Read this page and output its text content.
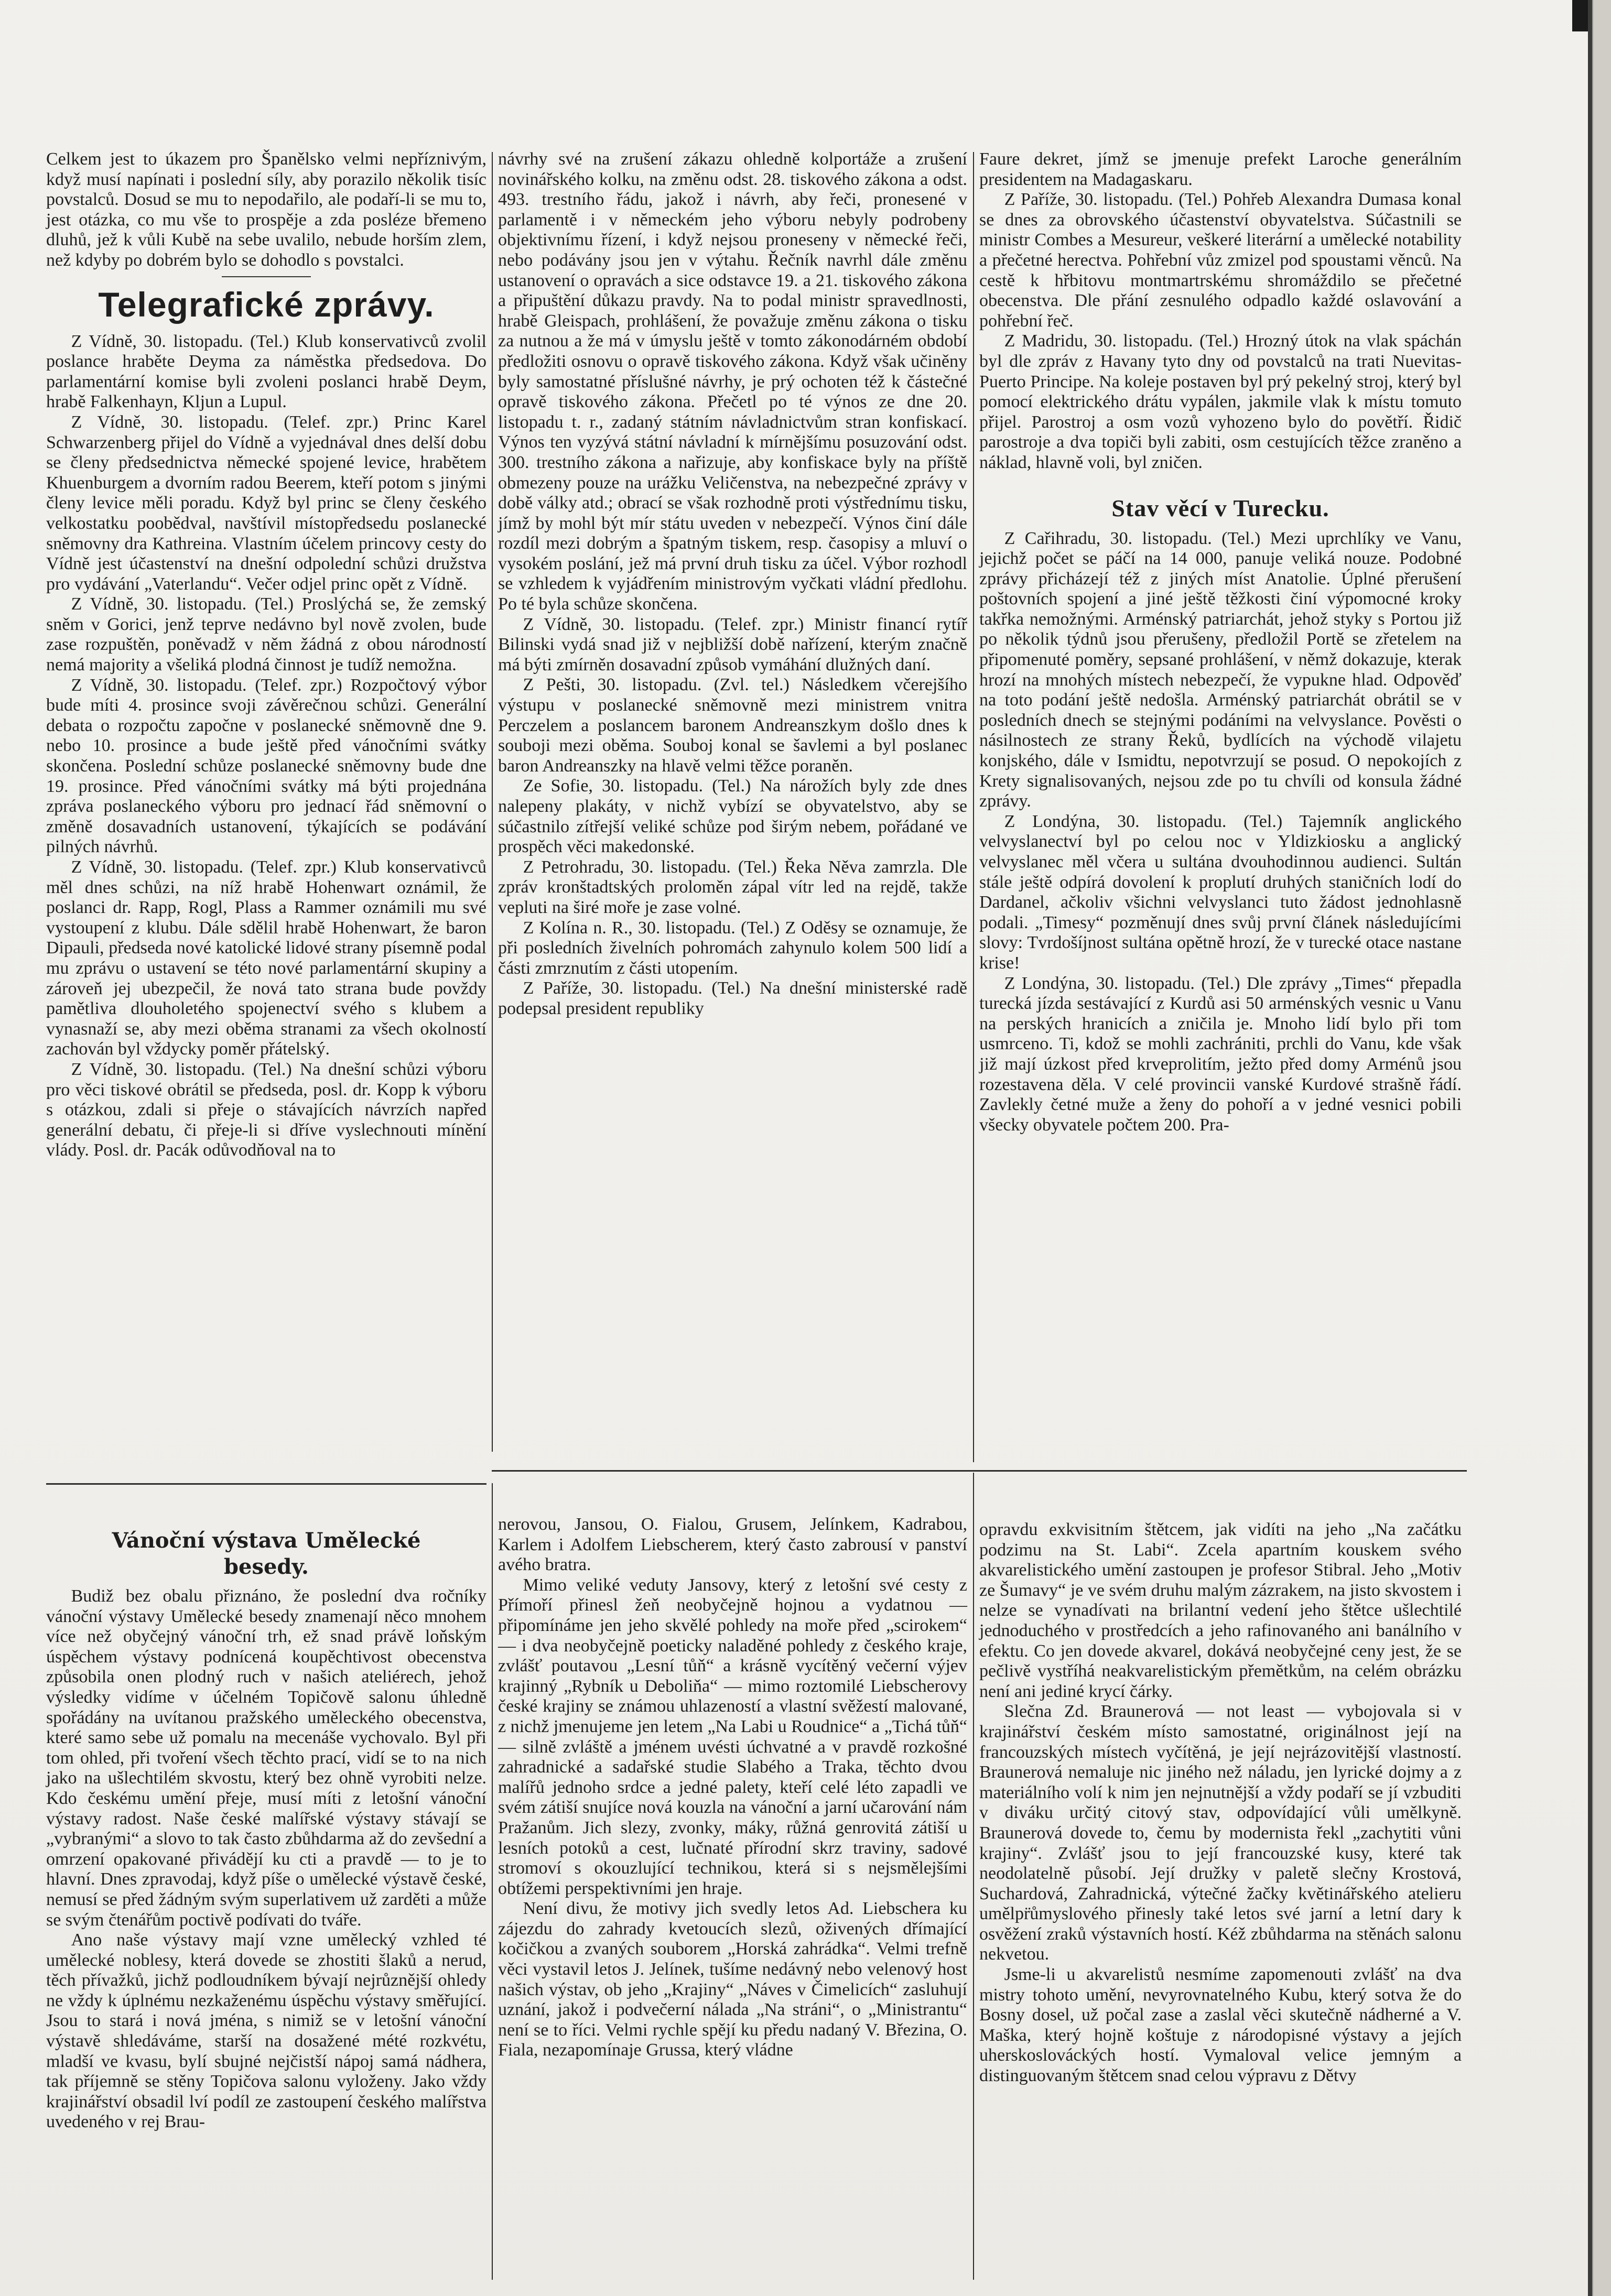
Celkem jest to úkazem pro Španělsko velmi nepříznivým, když musí napínati i poslední síly, aby porazilo několik tisíc povstalců. Dosud se mu to nepodařilo, ale podaří-li se mu to, jest otázka, co mu vše to prospěje a zda posléze břemeno dluhů, jež k vůli Kubě na sebe uvalilo, nebude horším zlem, než kdyby po dobrém bylo se dohodlo s povstalci.

Telegrafické zprávy.

Z Vídně, 30. listopadu. (Tel.) Klub konservativců zvolil poslance hraběte Deyma za náměstka předsedova. Do parlamentární komise byli zvoleni poslanci hrabě Deym, hrabě Falkenhayn, Kljun a Lupul.

Z Vídně, 30. listopadu. (Telef. zpr.) Princ Karel Schwarzenberg přijel do Vídně a vyjednával dnes delší dobu se členy předsednictva německé spojené levice, hrabětem Khuenburgem a dvorním radou Beerem, kteří potom s jinými členy levice měli poradu. Když byl princ se členy českého velkostatku poobědval, navštívil místopředsedu poslanecké sněmovny dra Kathreina. Vlastním účelem princovy cesty do Vídně jest účastenství na dnešní odpolední schůzi družstva pro vydávání „Vaterlandu“. Večer odjel princ opět z Vídně.

Z Vídně, 30. listopadu. (Tel.) Proslýchá se, že zemský sněm v Gorici, jenž teprve nedávno byl nově zvolen, bude zase rozpuštěn, poněvadž v něm žádná z obou národností nemá majority a všeliká plodná činnost je tudíž nemožna.

Z Vídně, 30. listopadu. (Telef. zpr.) Rozpočtový výbor bude míti 4. prosince svoji závěrečnou schůzi. Generální debata o rozpočtu započne v poslanecké sněmovně dne 9. nebo 10. prosince a bude ještě před vánočními svátky skončena. Poslední schůze poslanecké sněmovny bude dne 19. prosince. Před vánočními svátky má býti projednána zpráva poslaneckého výboru pro jednací řád sněmovní o změně dosavadních ustanovení, týkajících se podávání pilných návrhů.

Z Vídně, 30. listopadu. (Telef. zpr.) Klub konservativců měl dnes schůzi, na níž hrabě Hohenwart oznámil, že poslanci dr. Rapp, Rogl, Plass a Rammer oznámili mu své vystoupení z klubu. Dále sdělil hrabě Hohenwart, že baron Dipauli, předseda nové katolické lidové strany písemně podal mu zprávu o ustavení se této nové parlamentární skupiny a zároveň jej ubezpečil, že nová tato strana bude povždy pamětliva dlouholetého spojenectví svého s klubem a vynasnaží se, aby mezi oběma stranami za všech okolností zachován byl vždycky poměr přátelský.

Z Vídně, 30. listopadu. (Tel.) Na dnešní schůzi výboru pro věci tiskové obrátil se předseda, posl. dr. Kopp k výboru s otázkou, zdali si přeje o stávajících návrzích napřed generální debatu, či přeje-li si dříve vyslechnouti mínění vlády. Posl. dr. Pacák odůvodňoval na to

návrhy své na zrušení zákazu ohledně kolportáže a zrušení novinářského kolku, na změnu odst. 28. tiskového zákona a odst. 493. trestního řádu, jakož i návrh, aby řeči, pronesené v parlamentě i v německém jeho výboru nebyly podrobeny objektivnímu řízení, i když nejsou proneseny v německé řeči, nebo podávány jsou jen v výtahu. Řečník navrhl dále změnu ustanovení o opravách a sice odstavce 19. a 21. tiskového zákona a připuštění důkazu pravdy. Na to podal ministr spravedlnosti, hrabě Gleispach, prohlášení, že považuje změnu zákona o tisku za nutnou a že má v úmyslu ještě v tomto zákonodárném období předložiti osnovu o opravě tiskového zákona. Když však učiněny byly samostatné příslušné návrhy, je prý ochoten též k částečné opravě tiskového zákona. Přečetl po té výnos ze dne 20. listopadu t. r., zadaný státním návladnictvům stran konfiskací. Výnos ten vyzývá státní návladní k mírnějšímu posuzování odst. 300. trestního zákona a nařizuje, aby konfiskace byly na příště obmezeny pouze na urážku Veličenstva, na nebezpečné zprávy v době války atd.; obrací se však rozhodně proti výstřednímu tisku, jímž by mohl být mír státu uveden v nebezpečí. Výnos činí dále rozdíl mezi dobrým a špatným tiskem, resp. časopisy a mluví o vysokém poslání, jež má první druh tisku za účel. Výbor rozhodl se vzhledem k vyjádřením ministrovým vyčkati vládní předlohu. Po té byla schůze skončena.

Z Vídně, 30. listopadu. (Telef. zpr.) Ministr financí rytíř Bilinski vydá snad již v nejbližší době nařízení, kterým značně má býti zmírněn dosavadní způsob vymáhání dlužných daní.

Z Pešti, 30. listopadu. (Zvl. tel.) Následkem včerejšího výstupu v poslanecké sněmovně mezi ministrem vnitra Perczelem a poslancem baronem Andreanszkym došlo dnes k souboji mezi oběma. Souboj konal se šavlemi a byl poslanec baron Andreanszky na hlavě velmi těžce poraněn.

Ze Sofie, 30. listopadu. (Tel.) Na nárožích byly zde dnes nalepeny plakáty, v nichž vybízí se obyvatelstvo, aby se súčastnilo zítřejší veliké schůze pod širým nebem, pořádané ve prospěch věci makedonské.

Z Petrohradu, 30. listopadu. (Tel.) Řeka Něva zamrzla. Dle zpráv kronštadtských proloměn zápal vítr led na rejdě, takže vepluti na širé moře je zase volné.

Z Kolína n. R., 30. listopadu. (Tel.) Z Oděsy se oznamuje, že při posledních živelních pohromách zahynulo kolem 500 lidí a části zmrznutím z části utopením.

Z Paříže, 30. listopadu. (Tel.) Na dnešní ministerské radě podepsal president republiky

Faure dekret, jímž se jmenuje prefekt Laroche generálním presidentem na Madagaskaru.

Z Paříže, 30. listopadu. (Tel.) Pohřeb Alexandra Dumasa konal se dnes za obrovského účastenství obyvatelstva. Súčastnili se ministr Combes a Mesureur, veškeré literární a umělecké notability a přečetné herectva. Pohřební vůz zmizel pod spoustami věnců. Na cestě k hřbitovu montmartrskému shromáždilo se přečetné obecenstva. Dle přání zesnulého odpadlo každé oslavování a pohřební řeč.

Z Madridu, 30. listopadu. (Tel.) Hrozný útok na vlak spáchán byl dle zpráv z Havany tyto dny od povstalců na trati Nuevitas-Puerto Principe. Na koleje postaven byl prý pekelný stroj, který byl pomocí elektrického drátu vypálen, jakmile vlak k místu tomuto přijel. Parostroj a osm vozů vyhozeno bylo do povětří. Řidič parostroje a dva topiči byli zabiti, osm cestujících těžce zraněno a náklad, hlavně voli, byl zničen.

Stav věcí v Turecku.

Z Cařihradu, 30. listopadu. (Tel.) Mezi uprchlíky ve Vanu, jejichž počet se páčí na 14 000, panuje veliká nouze. Podobné zprávy přicházejí též z jiných míst Anatolie. Úplné přerušení poštovních spojení a jiné ještě těžkosti činí výpomocné kroky takřka nemožnými. Arménský patriarchát, jehož styky s Portou již po několik týdnů jsou přerušeny, předložil Portě se zřetelem na připomenuté poměry, sepsané prohlášení, v němž dokazuje, kterak hrozí na mnohých místech nebezpečí, že vypukne hlad. Odpověď na toto podání ještě nedošla. Arménský patriarchát obrátil se v posledních dnech se stejnými podáními na velvyslance. Pověsti o násilnostech ze strany Řeků, bydlících na východě vilajetu konjského, dále v Ismidtu, nepotvrzují se posud. O nepokojích z Krety signalisovaných, nejsou zde po tu chvíli od konsula žádné zprávy.

Z Londýna, 30. listopadu. (Tel.) Tajemník anglického velvyslanectví byl po celou noc v Yldizkiosku a anglický velvyslanec měl včera u sultána dvouhodinnou audienci. Sultán stále ještě odpírá dovolení k proplutí druhých staničních lodí do Dardanel, ačkoliv všichni velvyslanci tuto žádost jednohlasně podali. „Timesy“ pozměnují dnes svůj první článek následujícími slovy: Tvrdošíjnost sultána opětně hrozí, že v turecké otace nastane krise!

Z Londýna, 30. listopadu. (Tel.) Dle zprávy „Times“ přepadla turecká jízda sestávající z Kurdů asi 50 arménských vesnic u Vanu na perských hranicích a zničila je. Mnoho lidí bylo při tom usmrceno. Ti, kdož se mohli zachrániti, prchli do Vanu, kde však již mají úzkost před krveprolitím, ježto před domy Arménů jsou rozestavena děla. V celé provincii vanské Kurdové strašně řádí. Zavlekly četné muže a ženy do pohoří a v jedné vesnici pobili všecky obyvatele počtem 200. Pra-

Vánoční výstava Umělecké besedy.

Budiž bez obalu přiznáno, že poslední dva ročníky vánoční výstavy Umělecké besedy znamenají něco mnohem více než obyčejný vánoční trh, ež snad právě loňským úspěchem výstavy podnícená koupěchtivost obecenstva způsobila onen plodný ruch v našich ateliérech, jehož výsledky vidíme v účelném Topičově salonu úhledně spořádány na uvítanou pražského uměleckého obecenstva, které samo sebe už pomalu na mecenáše vychovalo. Byl při tom ohled, při tvoření všech těchto prací, vidí se to na nich jako na ušlechtilém skvostu, který bez ohně vyrobiti nelze. Kdo českému umění přeje, musí míti z letošní vánoční výstavy radost. Naše české malířské výstavy stávají se „vybranými“ a slovo to tak často zbůhdarma až do zevšední a omrzení opakované přivádějí ku cti a pravdě — to je to hlavní. Dnes zpravodaj, když píše o umělecké výstavě české, nemusí se před žádným svým superlativem už zarděti a může se svým čtenářům poctivě podívati do tváře.

Ano naše výstavy mají vzne umělecký vzhled té umělecké noblesy, která dovede se zhostiti šlaků a nerud, těch přívažků, jichž podloudníkem bývají nejrůznější ohledy ne vždy k úplnému nezkaženému úspěchu výstavy směřující. Jsou to stará i nová jména, s nimiž se v letošní vánoční výstavě shledáváme, starší na dosažené mété rozkvétu, mladší ve kvasu, bylí sbujné nejčistší nápoj samá nádhera, tak příjemně se stěny Topičova salonu vyloženy. Jako vždy krajinářství obsadil lví podíl ze zastoupení českého malířstva uvedeného v rej Brau-

nerovou, Jansou, O. Fialou, Grusem, Jelínkem, Kadrabou, Karlem i Adolfem Liebscherem, který často zabrousí v panství avého bratra.

Mimo veliké veduty Jansovy, který z letošní své cesty z Přímoří přinesl žeň neobyčejně hojnou a vydatnou — připomínáme jen jeho skvělé pohledy na moře před „scirokem“ — i dva neobyčejně poeticky naladěné pohledy z českého kraje, zvlášť poutavou „Lesní tůň“ a krásně vycítěný večerní výjev krajinný „Rybník u Deboliňa“ — mimo roztomilé Liebscherovy české krajiny se známou uhlazeností a vlastní svěžestí malované, z nichž jmenujeme jen letem „Na Labi u Roudnice“ a „Tichá tůň“ — silně zvláště a jménem uvésti úchvatné a v pravdě rozkošné zahradnické a sadařské studie Slabého a Traka, těchto dvou malířů jednoho srdce a jedné palety, kteří celé léto zapadli ve svém zátiší snujíce nová kouzla na vánoční a jarní učarování nám Pražanům. Jich slezy, zvonky, máky, růžná genrovitá zátiší u lesních potoků a cest, lučnaté přírodní skrz traviny, sadové stromoví s okouzlující technikou, která si s nejsmělejšími obtížemi perspektivními jen hraje.

Není divu, že motivy jich svedly letos Ad. Liebschera ku zájezdu do zahrady kvetoucích slezů, oživených dřímající kočičkou a zvaných souborem „Horská zahrádka“. Velmi trefně věci vystavil letos J. Jelínek, tušíme nedávný nebo velenový host našich výstav, ob jeho „Krajiny“ „Náves v Čimelicích“ zasluhují uznání, jakož i podvečerní nálada „Na stráni“, o „Ministrantu“ není se to říci. Velmi rychle spějí ku předu nadaný V. Březina, O. Fiala, nezapomínaje Grussa, který vládne

opravdu exkvisitním štětcem, jak vidíti na jeho „Na začátku podzimu na St. Labi“. Zcela apartním kouskem svého akvarelistického umění zastoupen je profesor Stibral. Jeho „Motiv ze Šumavy“ je ve svém druhu malým zázrakem, na jisto skvostem i nelze se vynadívati na brilantní vedení jeho štětce ušlechtilé jednoduchého v prostředcích a jeho rafinovaného ani banálního v efektu. Co jen dovede akvarel, dokává neobyčejné ceny jest, že se pečlivě vystříhá neakvarelistickým přemětkům, na celém obrázku není ani jediné krycí čárky.

Slečna Zd. Braunerová — not least — vybojovala si v krajinářství českém místo samostatné, originálnost její na francouzských místech vyčítěná, je její nejrázovitější vlastností. Braunerová nemaluje nic jiného než náladu, jen lyrické dojmy a z materiálního volí k nim jen nejnutnější a vždy podaří se jí vzbuditi v diváku určitý citový stav, odpovídající vůli umělkyně. Braunerová dovede to, čemu by modernista řekl „zachytiti vůni krajiny“. Zvlášť jsou to její francouzské kusy, které tak neodolatelně působí. Její družky v paletě slečny Krostová, Suchardová, Zahradnická, výtečné žačky květinářského atelieru umělpr̈ůmyslového přinesly také letos své jarní a letní dary k osvěžení zraků výstavních hostí. Kéž zbůhdarma na stěnách salonu nekvetou.

Jsme-li u akvarelistů nesmíme zapomenouti zvlášť na dva mistry tohoto umění, nevyrovnatelného Kubu, který sotva že do Bosny dosel, už počal zase a zaslal věci skutečně nádherné a V. Maška, který hojně koštuje z národopisné výstavy a jejích uherskoslováckých hostí. Vymaloval velice jemným a distinguovaným štětcem snad celou výpravu z Dětvy
